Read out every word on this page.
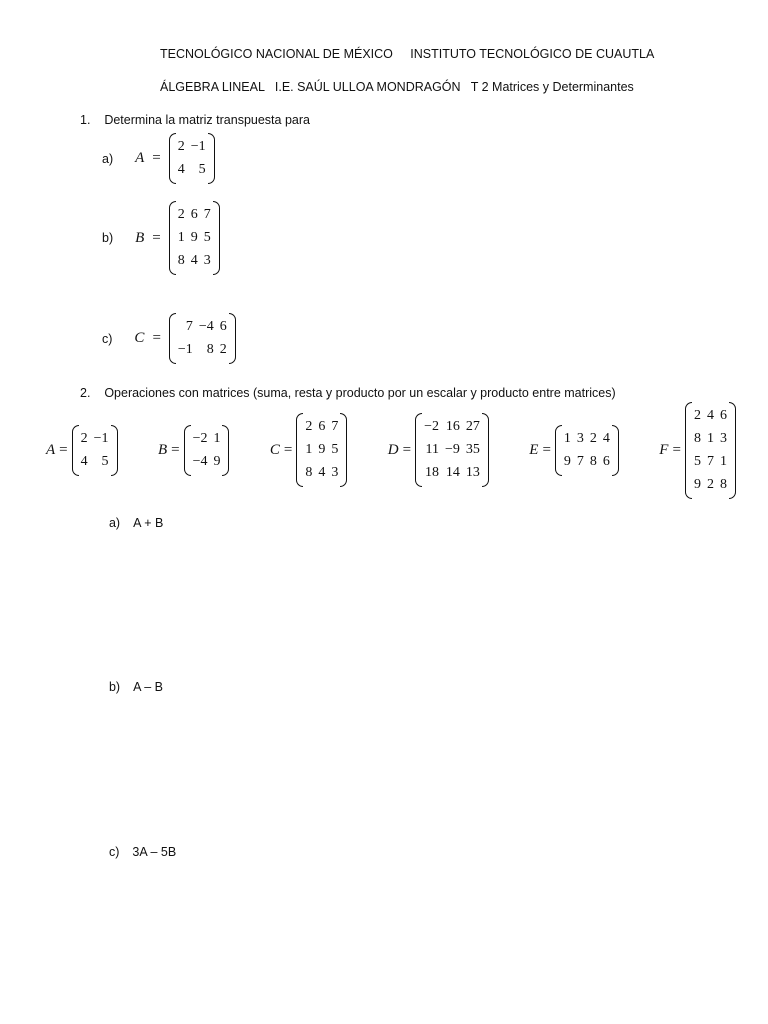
TECNOLÓGICO NACIONAL DE MÉXICO     INSTITUTO TECNOLÓGICO DE CUAUTLA
ÁLGEBRA LINEAL   I.E. SAÚL ULLOA MONDRAGÓN   T 2 Matrices y Determinantes
1.    Determina la matriz transpuesta para
a) A =
2 −1
4 5
b) B =
2 6 7
1 9 5
8 4 3
c) C =
7 −4 6
−1 8 2
2.    Operaciones con matrices (suma, resta y producto por un escalar y producto entre matrices)
A =
2 −1
4 5
B =
−2 1
−4 9
C =
2 6 7
1 9 5
8 4 3
D =
−2 16 27
11 −9 35
18 14 13
E =
1 3 2 4
9 7 8 6
F =
2 4 6
8 1 3
5 7 1
9 2 8

a) A + B

b) A – B

c) 3A – 5B
